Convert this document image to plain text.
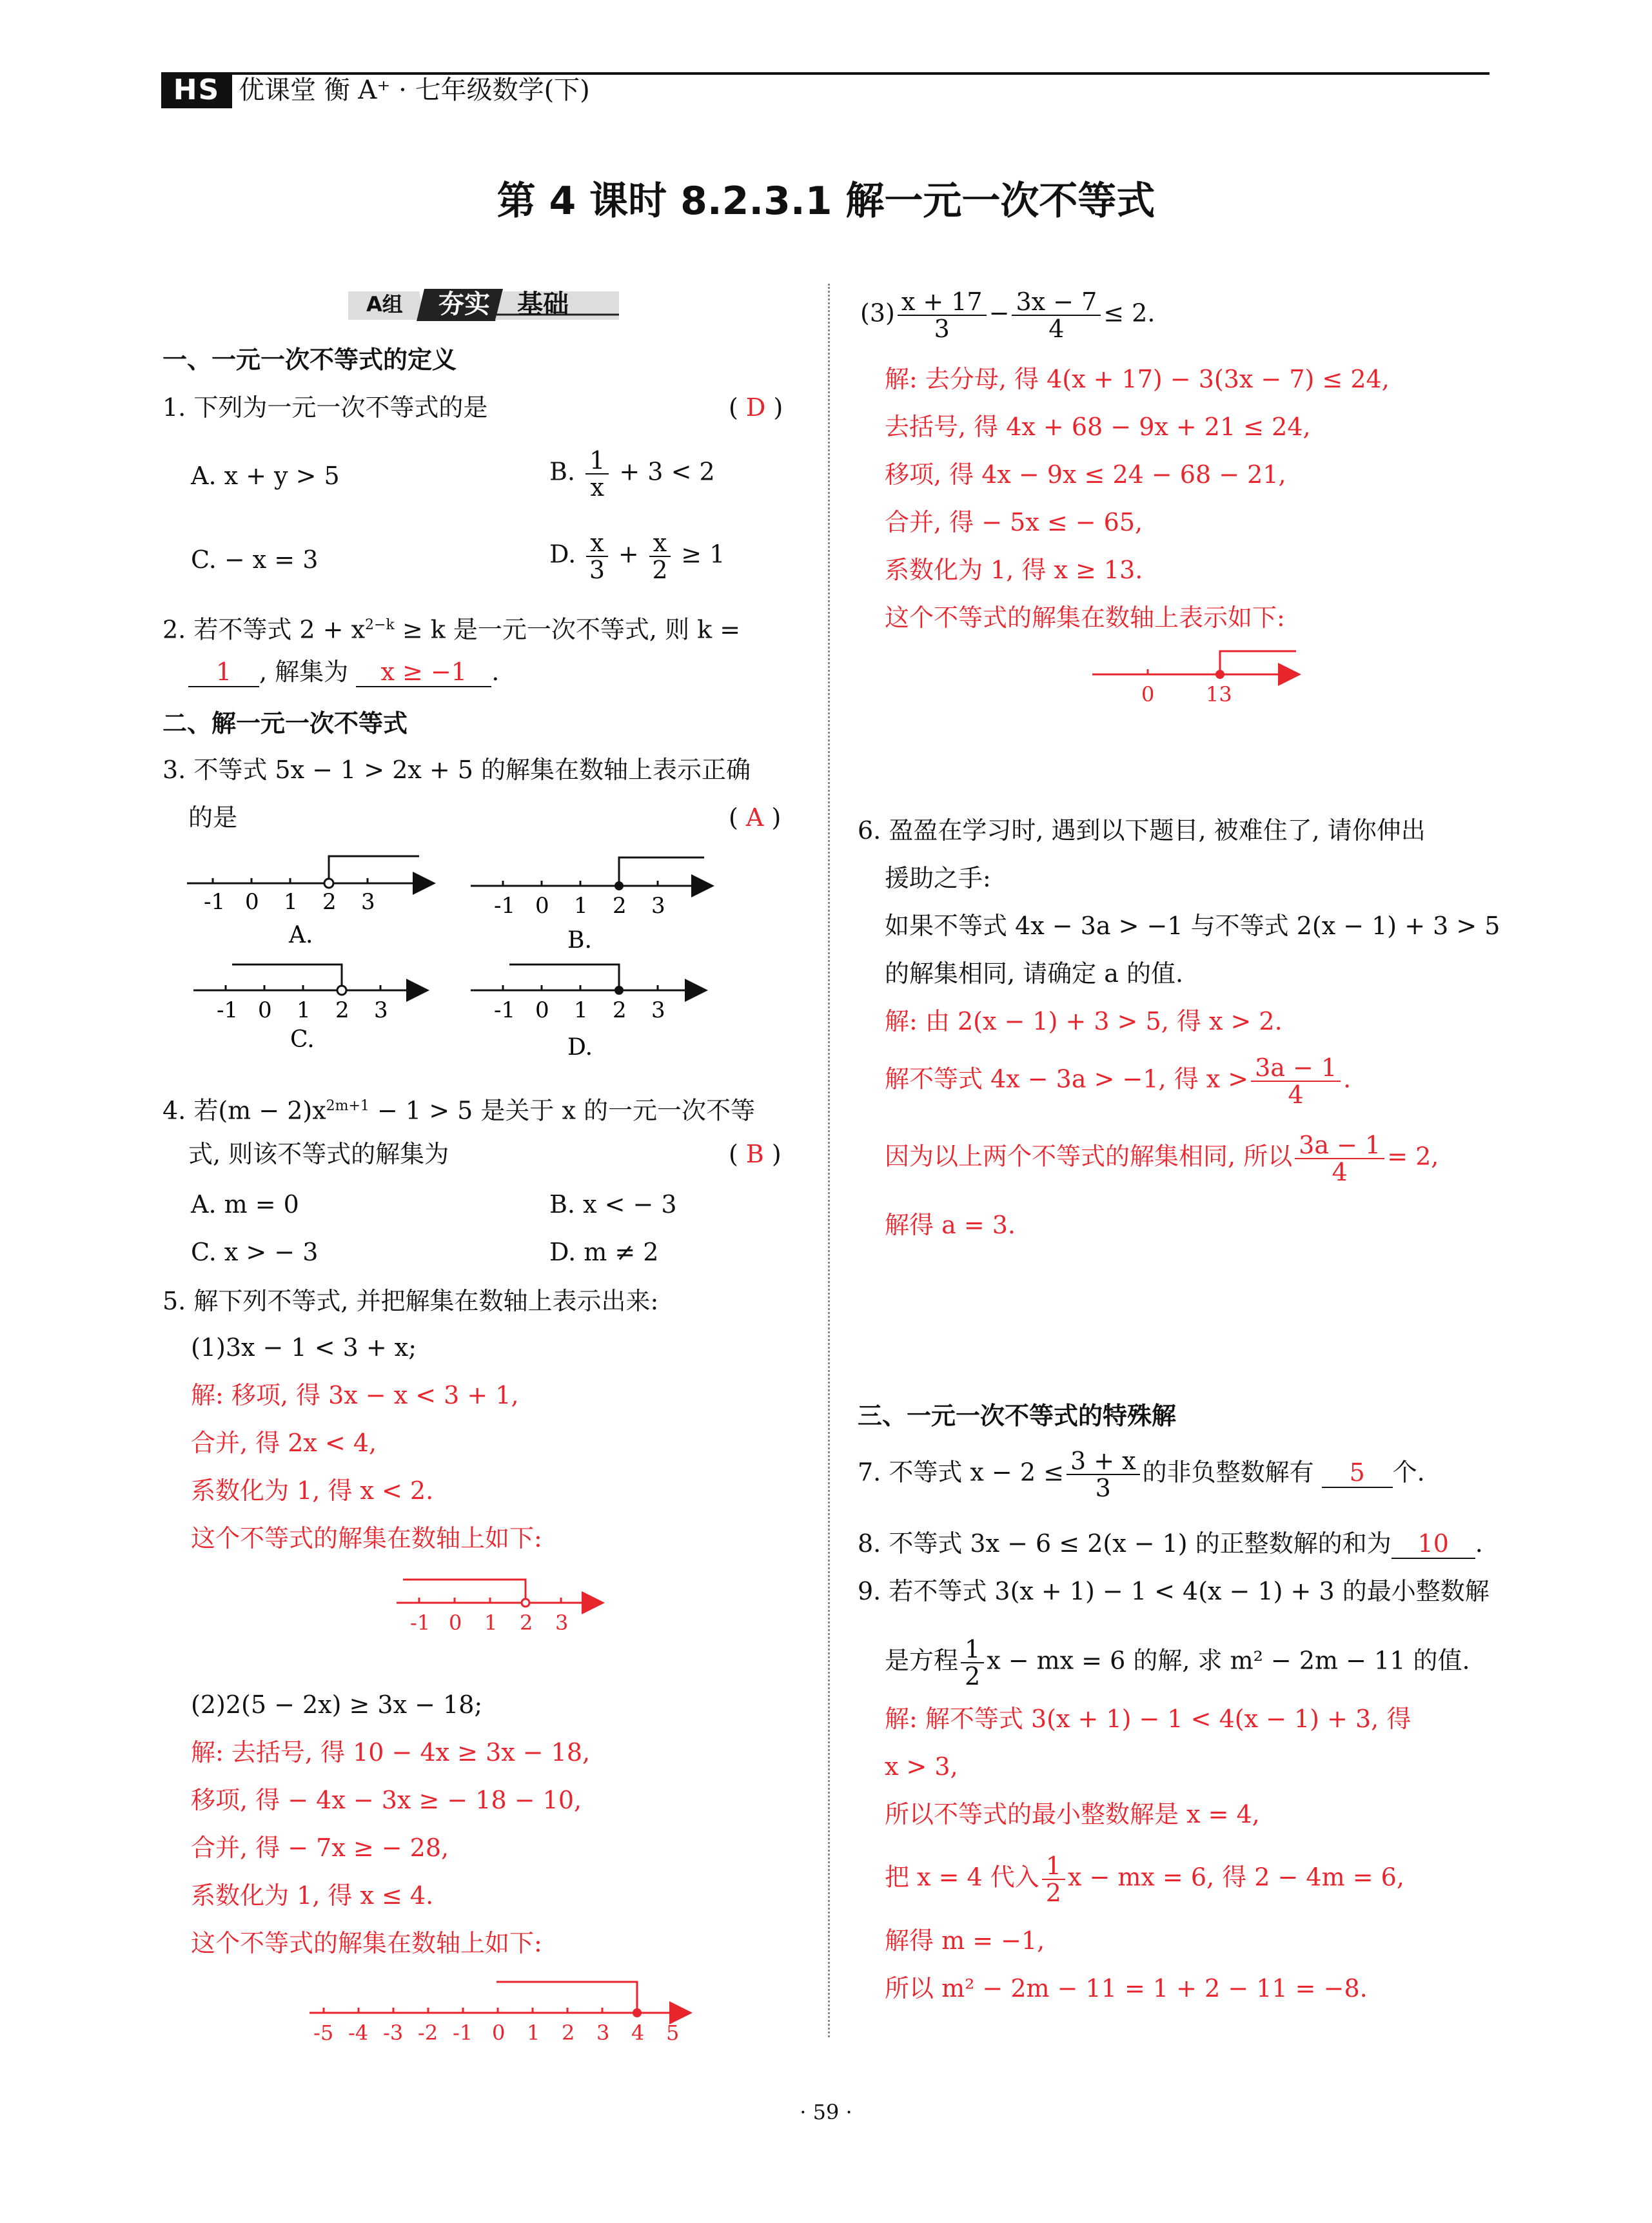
HS 优课堂 衡 A⁺ · 七年级数学(下)
第 4 课时 8.2.3.1 解一元一次不等式
A组 夯实 基础
一、一元一次不等式的定义
1. 下列为一元一次不等式的是	( D )
A. x + y > 5	B. $\frac{1}{x} + 3 < 2$
C. − x = 3	D. $\frac{x}{3} + \frac{x}{2} \ge 1$
2. 若不等式 $2 + x^{2-k} \ge k$ 是一元一次不等式, 则 k =
1 , 解集为 x ≥ −1 .
二、解一元一次不等式
3. 不等式 5x − 1 > 2x + 5 的解集在数轴上表示正确
的是	( A )
-1 0 1 2 3
A.
-1 0 1 2 3
B.
-1 0 1 2 3
C.
-1 0 1 2 3
D.
4. 若$(m - 2)x^{2m+1} - 1 > 5$ 是关于 x 的一元一次不等
式, 则该不等式的解集为	( B )
A. m = 0	B. x < − 3
C. x > − 3	D. m ≠ 2
5. 解下列不等式, 并把解集在数轴上表示出来:
(1)3x − 1 < 3 + x;
解: 移项, 得 3x − x < 3 + 1,
合并, 得 2x < 4,
系数化为 1, 得 x < 2.
这个不等式的解集在数轴上如下:
-1 0 1 2 3
(2)2(5 − 2x) ≥ 3x − 18;
解: 去括号, 得 10 − 4x ≥ 3x − 18,
移项, 得 − 4x − 3x ≥ − 18 − 10,
合并, 得 − 7x ≥ − 28,
系数化为 1, 得 x ≤ 4.
这个不等式的解集在数轴上如下:
-5 -4 -3 -2 -1 0 1 2 3 4 5
$(3) \frac{x + 17}{3} - \frac{3x - 7}{4} \le 2$.
解: 去分母, 得 4(x + 17) − 3(3x − 7) ≤ 24,
去括号, 得 4x + 68 − 9x + 21 ≤ 24,
移项, 得 4x − 9x ≤ 24 − 68 − 21,
合并, 得 − 5x ≤ − 65,
系数化为 1, 得 x ≥ 13.
这个不等式的解集在数轴上表示如下:
0 13
6. 盈盈在学习时, 遇到以下题目, 被难住了, 请你伸出
援助之手:
如果不等式 4x − 3a > −1 与不等式 2(x − 1) + 3 > 5
的解集相同, 请确定 a 的值.
解: 由 2(x − 1) + 3 > 5, 得 x > 2.
解不等式 4x − 3a > −1, 得 $x > \frac{3a - 1}{4}$ .
因为以上两个不等式的解集相同, 所以 $\frac{3a - 1}{4} = 2$,
解得 a = 3.
三、一元一次不等式的特殊解
7. 不等式 $x - 2 \le \frac{3 + x}{3}$ 的非负整数解有 5 个.
8. 不等式 3x − 6 ≤ 2(x − 1) 的正整数解的和为 10 .
9. 若不等式 3(x + 1) − 1 < 4(x − 1) + 3 的最小整数解
是方程 $\frac{1}{2}$ x − mx = 6 的解, 求 m² − 2m − 11 的值.
解: 解不等式 3(x + 1) − 1 < 4(x − 1) + 3, 得
x > 3,
所以不等式的最小整数解是 x = 4,
把 x = 4 代入 $\frac{1}{2}$ x − mx = 6, 得 2 − 4m = 6,
解得 m = −1,
所以 m² − 2m − 11 = 1 + 2 − 11 = −8.
· 59 ·
